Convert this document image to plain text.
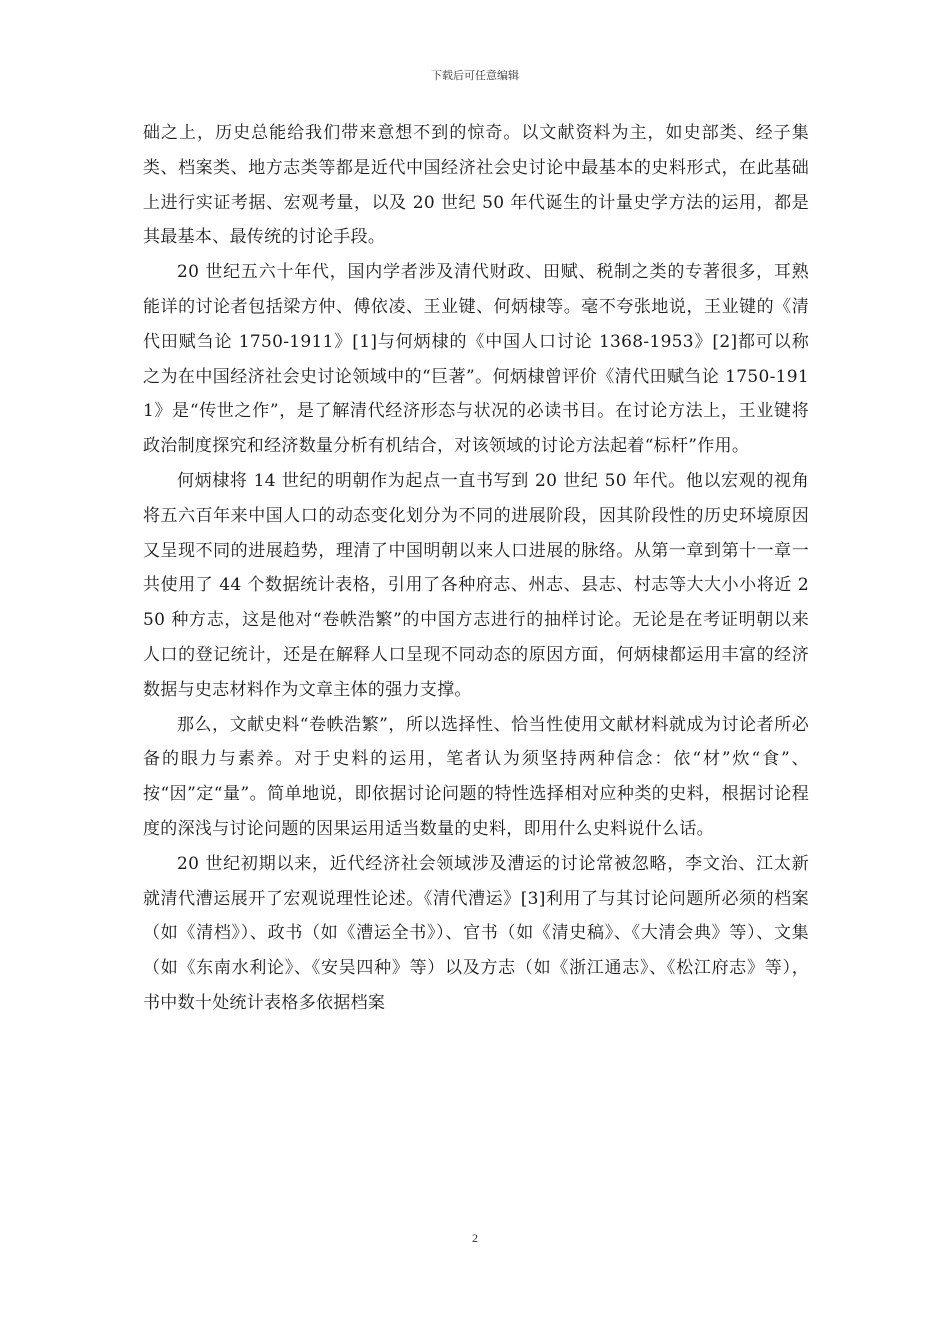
下载后可任意编辑

础之上，历史总能给我们带来意想不到的惊奇。以文献资料为主，如史部类、经子集类、档案类、地方志类等都是近代中国经济社会史讨论中最基本的史料形式，在此基础上进行实证考据、宏观考量，以及 20 世纪 50 年代诞生的计量史学方法的运用，都是其最基本、最传统的讨论手段。

20 世纪五六十年代，国内学者涉及清代财政、田赋、税制之类的专著很多，耳熟能详的讨论者包括梁方仲、傅依凌、王业键、何炳棣等。毫不夸张地说，王业键的《清代田赋刍论 1750-1911》[1]与何炳棣的《中国人口讨论 1368-1953》[2]都可以称之为在中国经济社会史讨论领域中的“巨著”。何炳棣曾评价《清代田赋刍论 1750-1911》是“传世之作”，是了解清代经济形态与状况的必读书目。在讨论方法上，王业键将政治制度探究和经济数量分析有机结合，对该领域的讨论方法起着“标杆”作用。

何炳棣将 14 世纪的明朝作为起点一直书写到 20 世纪 50 年代。他以宏观的视角将五六百年来中国人口的动态变化划分为不同的进展阶段，因其阶段性的历史环境原因又呈现不同的进展趋势，理清了中国明朝以来人口进展的脉络。从第一章到第十一章一共使用了 44 个数据统计表格，引用了各种府志、州志、县志、村志等大大小小将近 250 种方志，这是他对“卷帙浩繁”的中国方志进行的抽样讨论。无论是在考证明朝以来人口的登记统计，还是在解释人口呈现不同动态的原因方面，何炳棣都运用丰富的经济数据与史志材料作为文章主体的强力支撑。

那么，文献史料“卷帙浩繁”，所以选择性、恰当性使用文献材料就成为讨论者所必备的眼力与素养。对于史料的运用，笔者认为须坚持两种信念：依“材”炊“食”、按“因”定“量”。简单地说，即依据讨论问题的特性选择相对应种类的史料，根据讨论程度的深浅与讨论问题的因果运用适当数量的史料，即用什么史料说什么话。

20 世纪初期以来，近代经济社会领域涉及漕运的讨论常被忽略，李文治、江太新就清代漕运展开了宏观说理性论述。《清代漕运》[3]利用了与其讨论问题所必须的档案（如《清档》）、政书（如《漕运全书》）、官书（如《清史稿》、《大清会典》等）、文集（如《东南水利论》、《安吴四种》等）以及方志（如《浙江通志》、《松江府志》等），书中数十处统计表格多依据档案

2
